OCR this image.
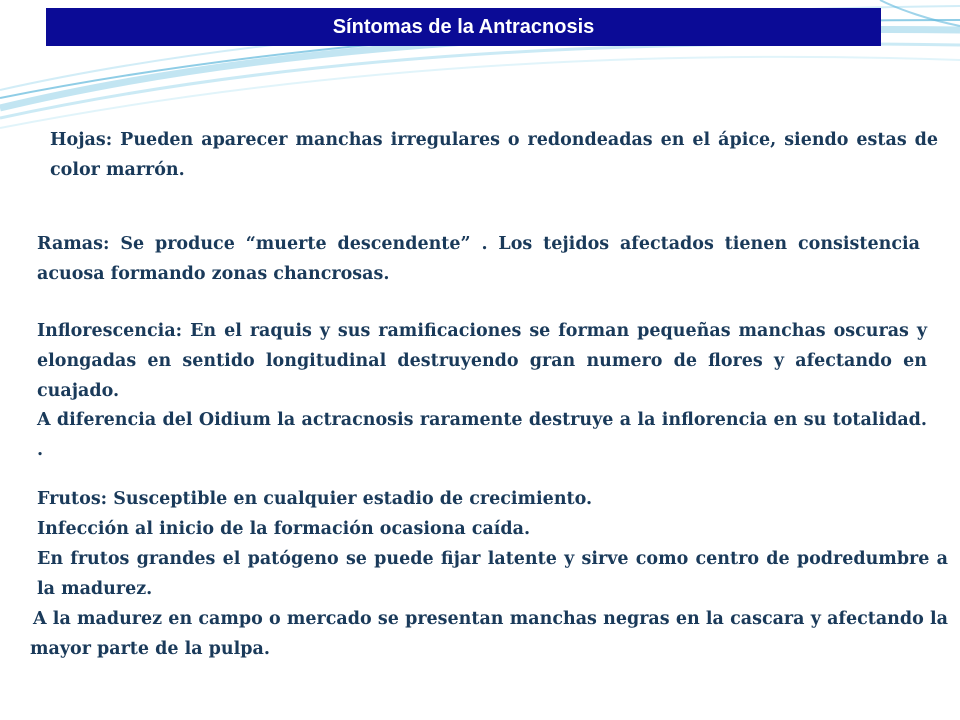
Síntomas de la Antracnosis

Hojas: Pueden aparecer manchas irregulares o redondeadas en el ápice, siendo estas de color marrón.

Ramas: Se produce “muerte descendente” . Los tejidos afectados tienen consistencia acuosa formando zonas chancrosas.

Inflorescencia: En el raquis y sus ramificaciones se forman pequeñas manchas oscuras y elongadas en sentido longitudinal destruyendo gran numero de flores y afectando en cuajado.

A diferencia del Oidium la actracnosis raramente destruye a la inflorencia en su totalidad. .

Frutos: Susceptible en cualquier estadio de crecimiento.
Infección al inicio de la formación ocasiona caída.
En frutos grandes el patógeno se puede fijar latente y sirve como centro de podredumbre a la madurez.
A la madurez en campo o mercado se presentan manchas negras en la cascara y afectando la mayor parte de la pulpa.
